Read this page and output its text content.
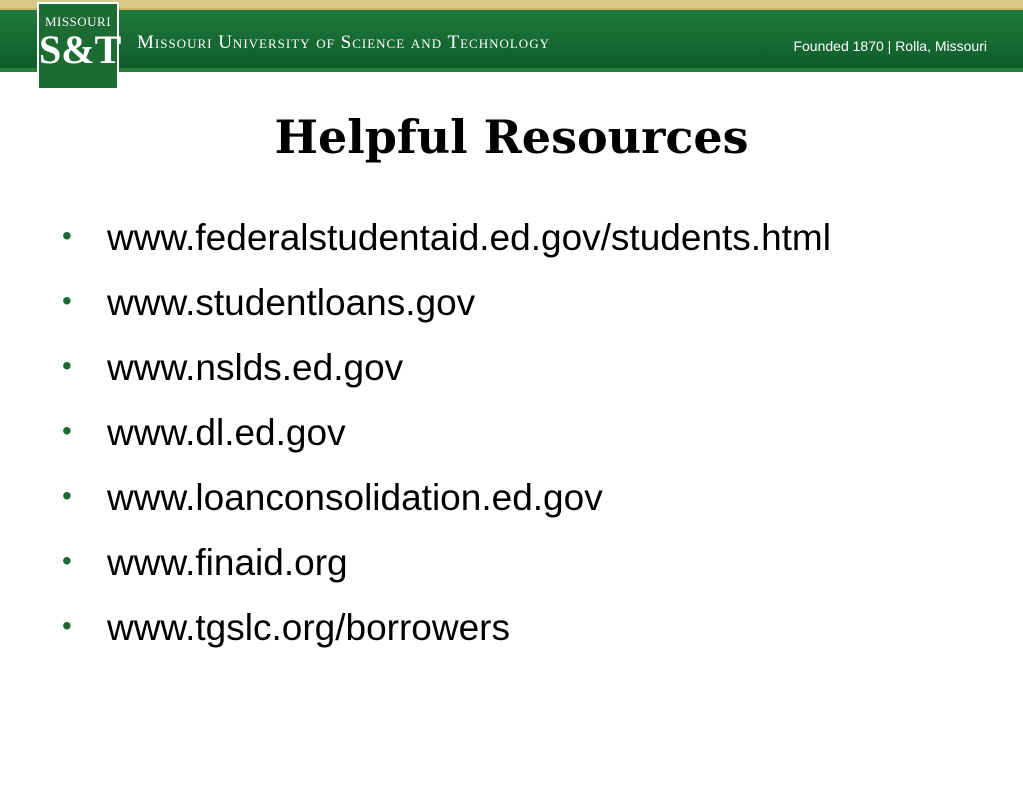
MISSOURI
S&T Missouri University of Science and Technology	Founded 1870 | Rolla, Missouri
Helpful Resources
• www.federalstudentaid.ed.gov/students.html
• www.studentloans.gov
• www.nslds.ed.gov
• www.dl.ed.gov
• www.loanconsolidation.ed.gov
• www.finaid.org
• www.tgslc.org/borrowers
